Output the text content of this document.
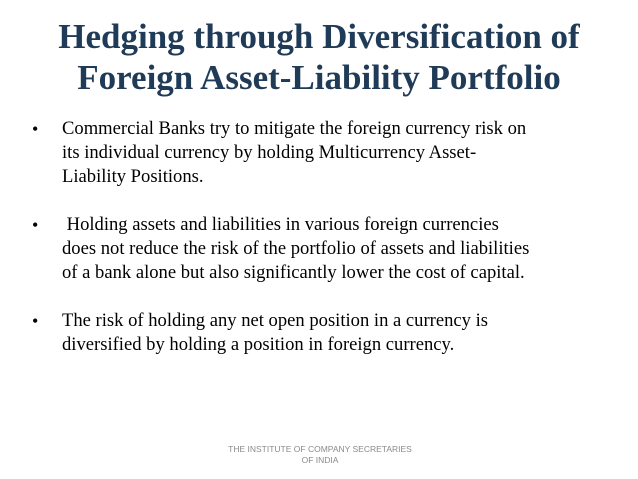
Hedging through Diversification of
Foreign Asset-Liability Portfolio
• Commercial Banks try to mitigate the foreign currency risk on
its individual currency by holding Multicurrency Asset-
Liability Positions.
• Holding assets and liabilities in various foreign currencies
does not reduce the risk of the portfolio of assets and liabilities
of a bank alone but also significantly lower the cost of capital.
• The risk of holding any net open position in a currency is
diversified by holding a position in foreign currency.
THE INSTITUTE OF COMPANY SECRETARIES
OF INDIA
